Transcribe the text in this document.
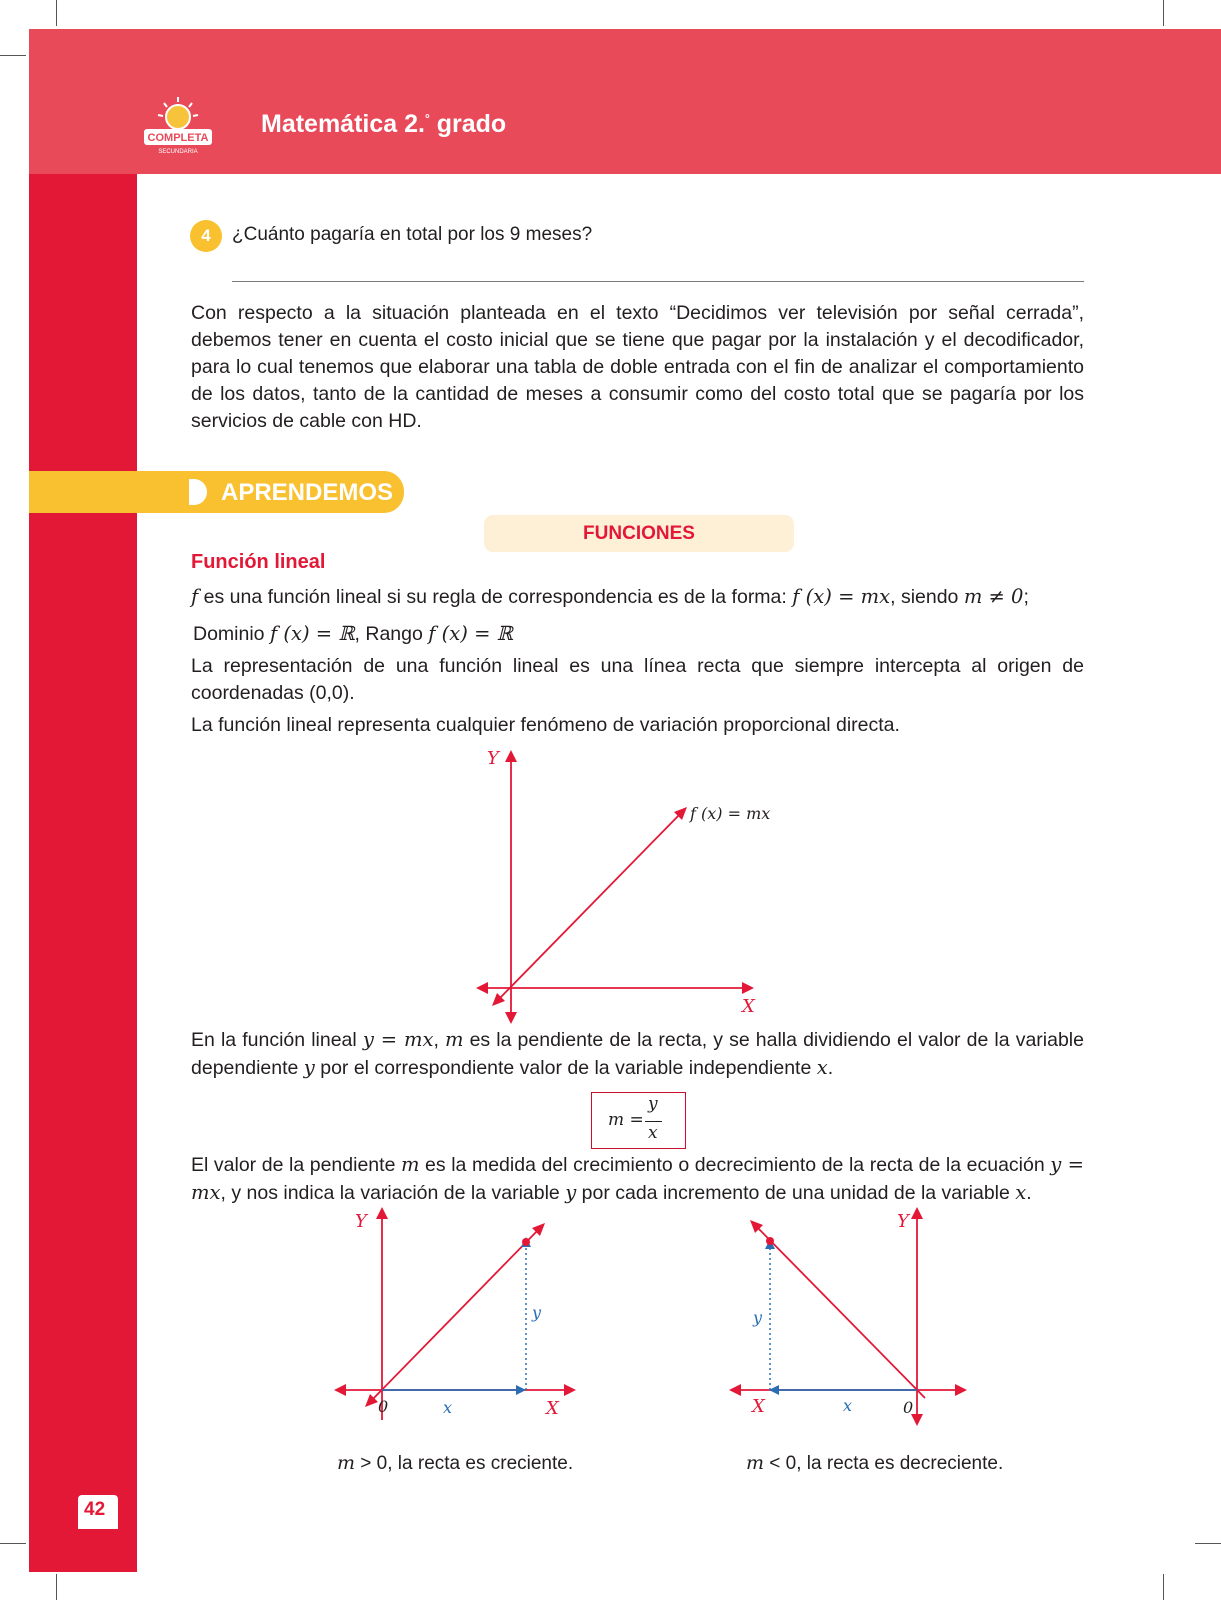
COMPLETA
SECUNDARIA
Matemática 2.° grado
42
4	¿Cuánto pagaría en total por los 9 meses?

Con respecto a la situación planteada en el texto “Decidimos ver televisión por señal cerrada”, debemos tener en cuenta el costo inicial que se tiene que pagar por la instalación y el decodificador, para lo cual tenemos que elaborar una tabla de doble entrada con el fin de analizar el comportamiento de los datos, tanto de la cantidad de meses a consumir como del costo total que se pagaría por los servicios de cable con HD.

APRENDEMOS
FUNCIONES
Función lineal

f es una función lineal si su regla de correspondencia es de la forma: f (x) = mx, siendo m ≠ 0;

Dominio f (x) = ℝ, Rango f (x) = ℝ

La representación de una función lineal es una línea recta que siempre intercepta al origen de coordenadas (0,0).

La función lineal representa cualquier fenómeno de variación proporcional directa.

Y
X
f (x) = mx

En la función lineal y = mx, m es la pendiente de la recta, y se halla dividiendo el valor de la variable dependiente y por el correspondiente valor de la variable independiente x.

m =
y
x

El valor de la pendiente m es la medida del crecimiento o decrecimiento de la recta de la ecuación y = mx, y nos indica la variación de la variable y por cada incremento de una unidad de la variable x.

Y
X
0	x
y
m > 0, la recta es creciente.
Y
X	0
x
y
m < 0, la recta es decreciente.
